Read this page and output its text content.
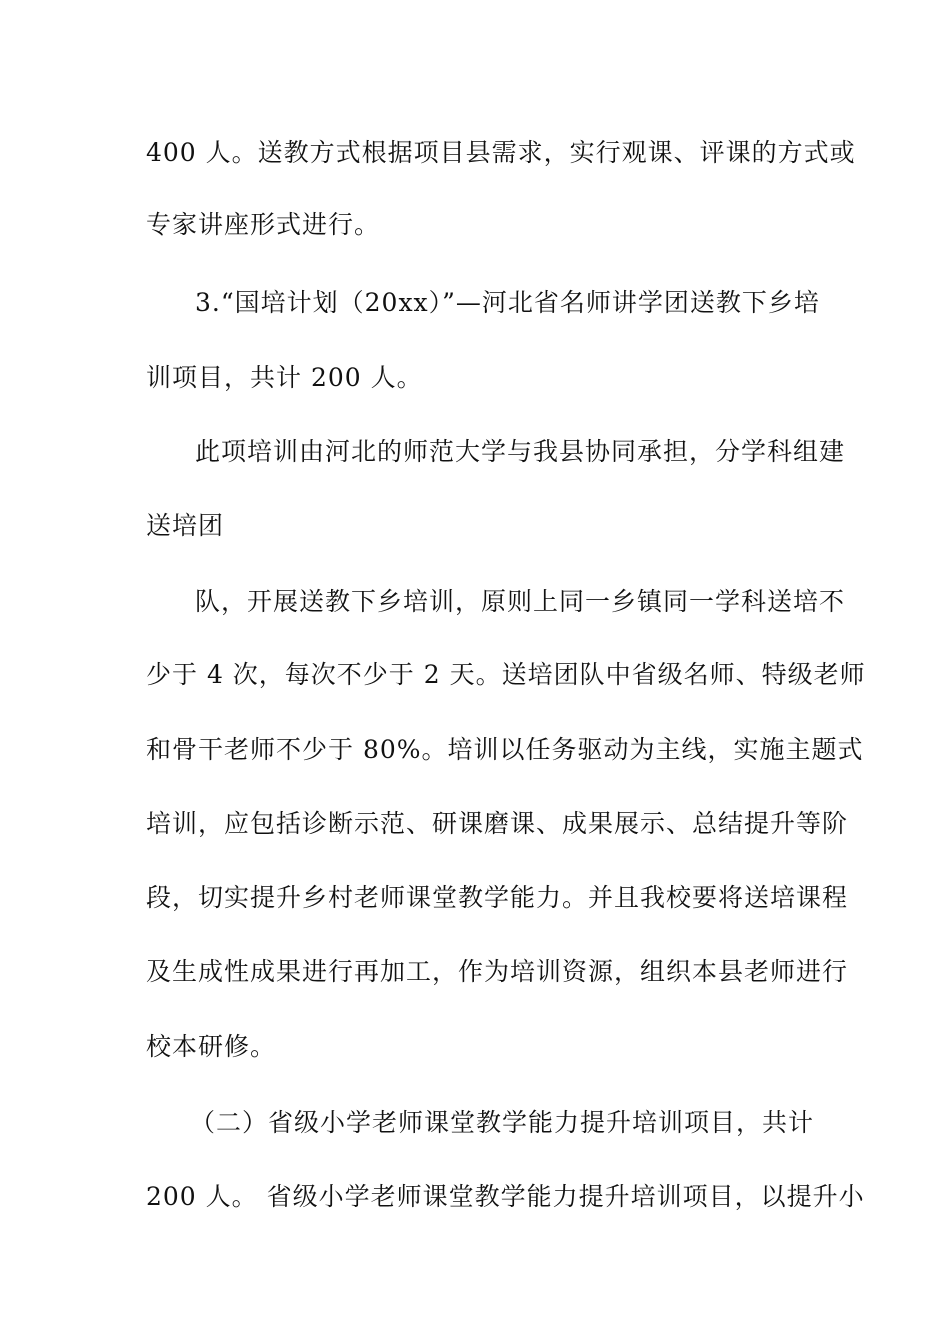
400 人。送教方式根据项目县需求，实行观课、评课的方式或
专家讲座形式进行。
3.“国培计划（20xx）”—河北省名师讲学团送教下乡培
训项目，共计 200 人。
此项培训由河北的师范大学与我县协同承担，分学科组建
送培团
队，开展送教下乡培训，原则上同一乡镇同一学科送培不
少于 4 次，每次不少于 2 天。送培团队中省级名师、特级老师
和骨干老师不少于 80%。培训以任务驱动为主线，实施主题式
培训，应包括诊断示范、研课磨课、成果展示、总结提升等阶
段，切实提升乡村老师课堂教学能力。并且我校要将送培课程
及生成性成果进行再加工，作为培训资源，组织本县老师进行
校本研修。
（二）省级小学老师课堂教学能力提升培训项目，共计
200 人。 省级小学老师课堂教学能力提升培训项目，以提升小
